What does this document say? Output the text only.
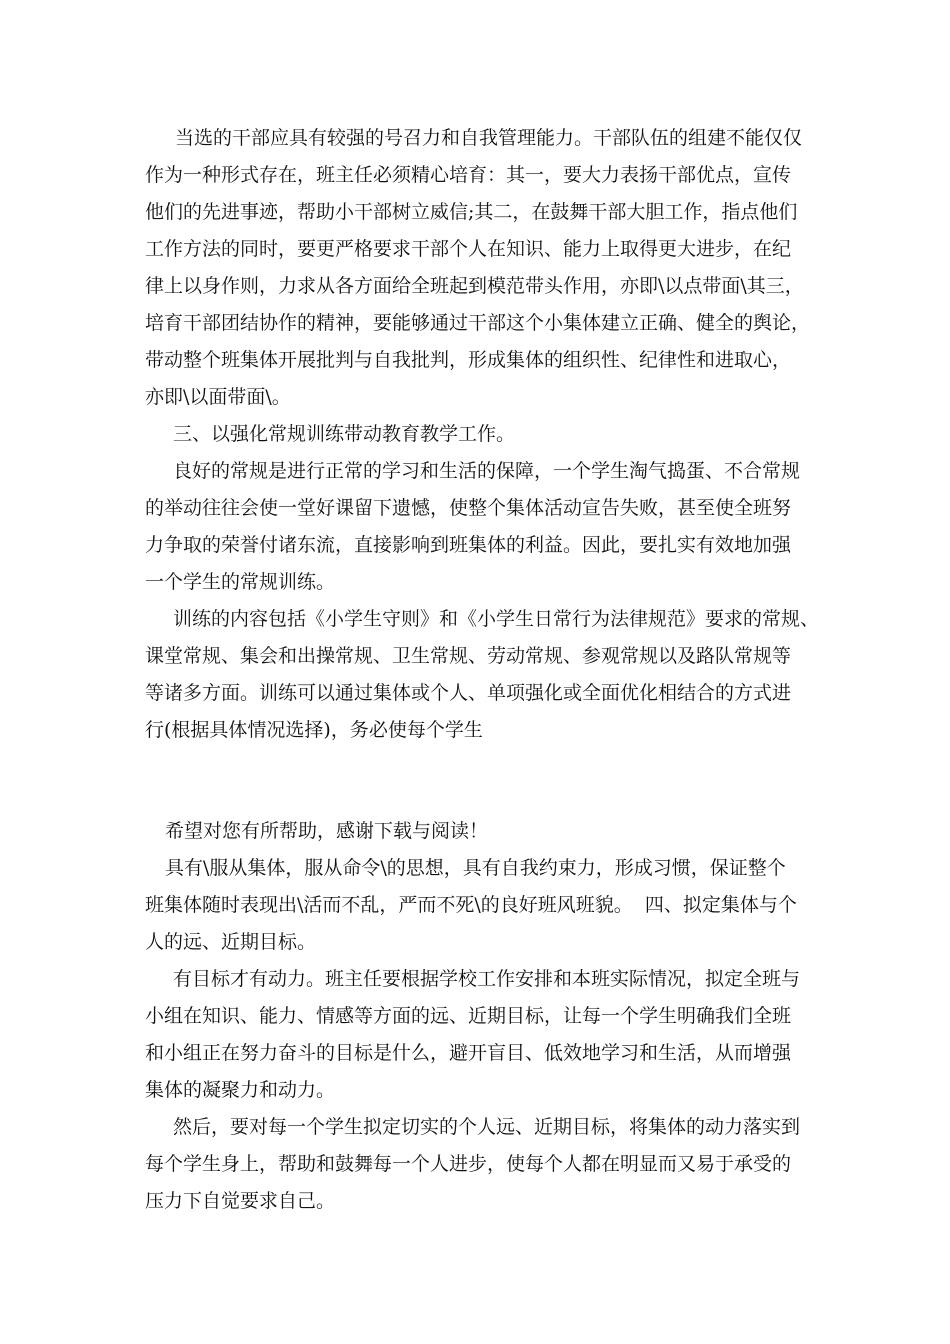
当选的干部应具有较强的号召力和自我管理能力。干部队伍的组建不能仅仅

作为一种形式存在，班主任必须精心培育：其一，要大力表扬干部优点，宣传

他们的先进事迹，帮助小干部树立威信;其二，在鼓舞干部大胆工作，指点他们

工作方法的同时，要更严格要求干部个人在知识、能力上取得更大进步，在纪

律上以身作则，力求从各方面给全班起到模范带头作用，亦即\以点带面\其三，

培育干部团结协作的精神，要能够通过干部这个小集体建立正确、健全的舆论，

带动整个班集体开展批判与自我批判，形成集体的组织性、纪律性和进取心，

亦即\以面带面\。

三、以强化常规训练带动教育教学工作。

良好的常规是进行正常的学习和生活的保障，一个学生淘气捣蛋、不合常规

的举动往往会使一堂好课留下遗憾，使整个集体活动宣告失败，甚至使全班努

力争取的荣誉付诸东流，直接影响到班集体的利益。因此，要扎实有效地加强

一个学生的常规训练。

训练的内容包括《小学生守则》和《小学生日常行为法律规范》要求的常规、

课堂常规、集会和出操常规、卫生常规、劳动常规、参观常规以及路队常规等

等诸多方面。训练可以通过集体或个人、单项强化或全面优化相结合的方式进

行(根据具体情况选择)，务必使每个学生

希望对您有所帮助，感谢下载与阅读！

具有\服从集体，服从命令\的思想，具有自我约束力，形成习惯，保证整个

班集体随时表现出\活而不乱，严而不死\的良好班风班貌。  四、拟定集体与个

人的远、近期目标。

有目标才有动力。班主任要根据学校工作安排和本班实际情况，拟定全班与

小组在知识、能力、情感等方面的远、近期目标，让每一个学生明确我们全班

和小组正在努力奋斗的目标是什么，避开盲目、低效地学习和生活，从而增强

集体的凝聚力和动力。

然后，要对每一个学生拟定切实的个人远、近期目标，将集体的动力落实到

每个学生身上，帮助和鼓舞每一个人进步，使每个人都在明显而又易于承受的

压力下自觉要求自己。
